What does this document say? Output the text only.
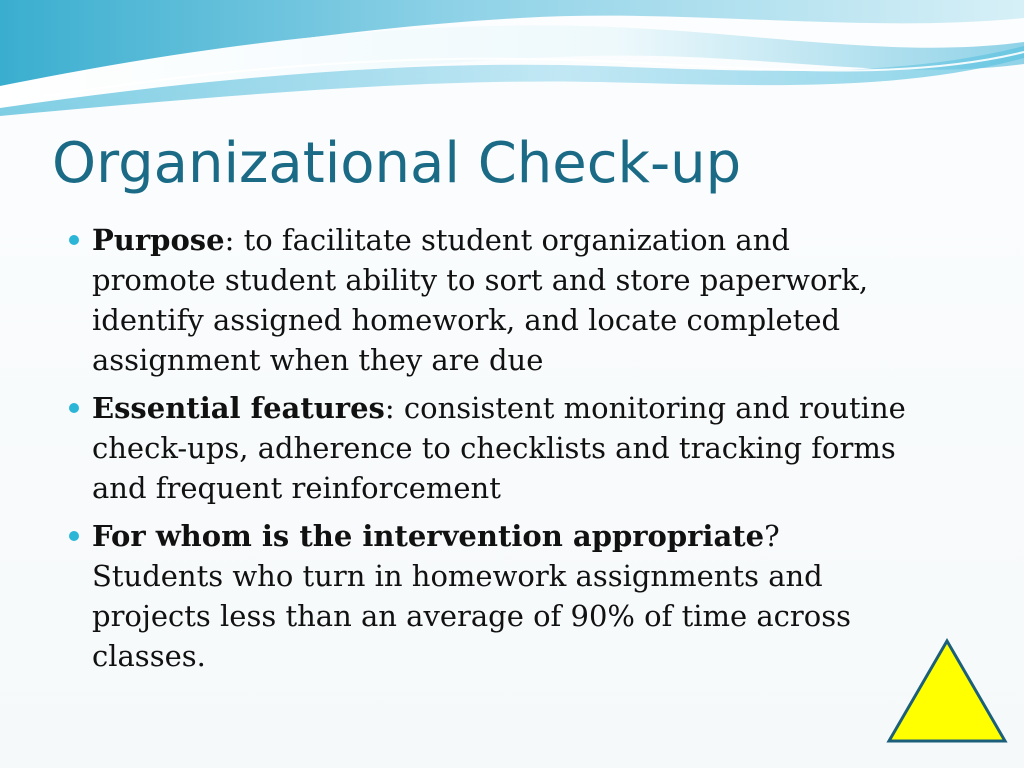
Organizational Check-up
Purpose: to facilitate student organization and promote student ability to sort and store paperwork, identify assigned homework, and locate completed assignment when they are due
Essential features: consistent monitoring and routine check-ups, adherence to checklists and tracking forms and frequent reinforcement
For whom is the intervention appropriate? Students who turn in homework assignments and projects less than an average of 90% of time across classes.
